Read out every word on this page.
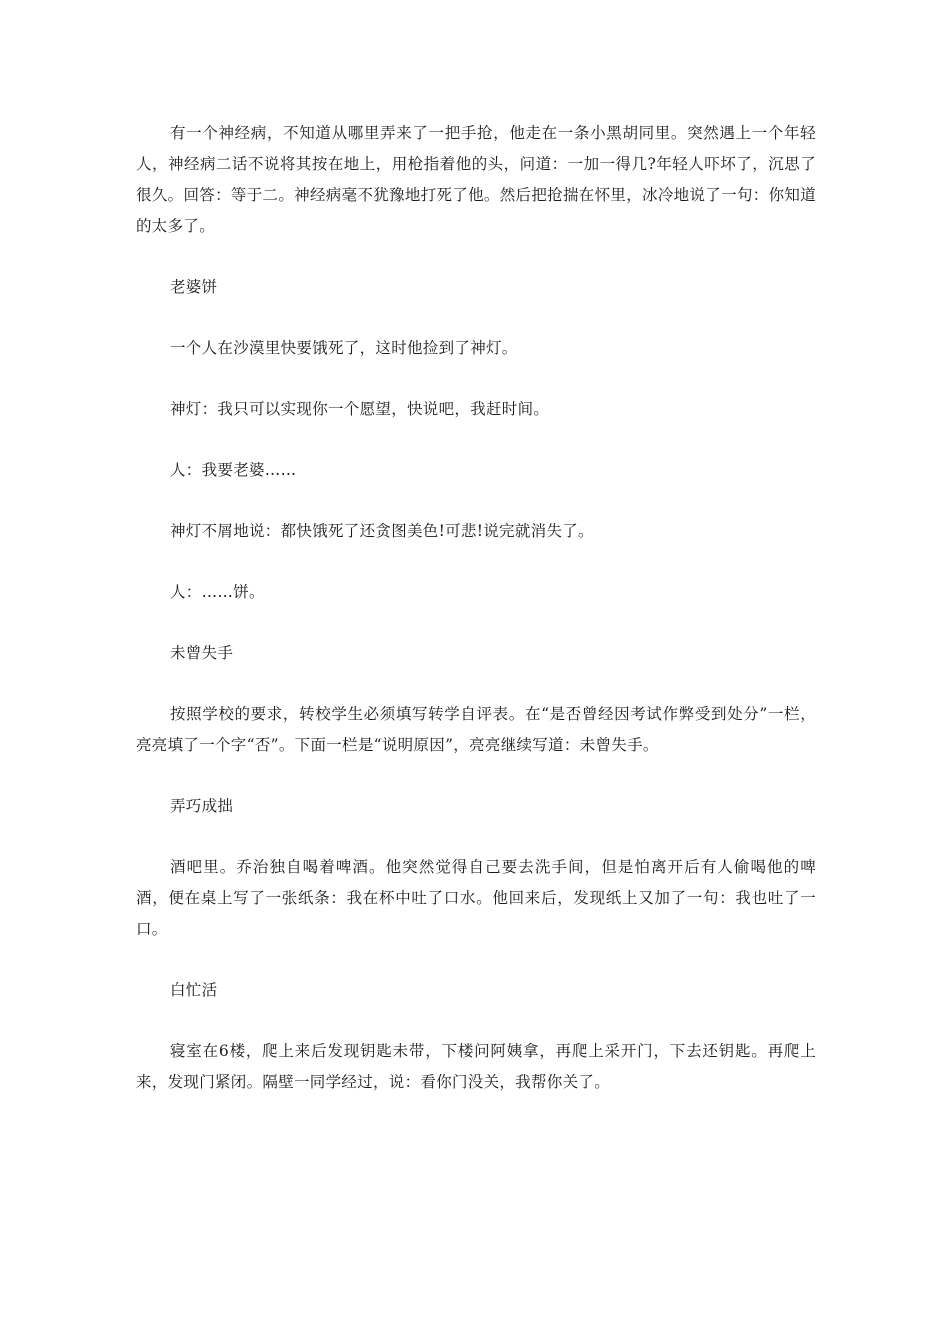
有一个神经病，不知道从哪里弄来了一把手抢，他走在一条小黑胡同里。突然遇上一个年轻人，神经病二话不说将其按在地上，用枪指着他的头，问道：一加一得几?年轻人吓坏了，沉思了很久。回答：等于二。神经病毫不犹豫地打死了他。然后把抢揣在怀里，冰冷地说了一句：你知道的太多了。

老婆饼

一个人在沙漠里快要饿死了，这时他捡到了神灯。

神灯：我只可以实现你一个愿望，快说吧，我赶时间。

人：我要老婆……

神灯不屑地说：都快饿死了还贪图美色!可悲!说完就消失了。

人：……饼。

未曾失手

按照学校的要求，转校学生必须填写转学自评表。在“是否曾经因考试作弊受到处分”一栏，亮亮填了一个字“否”。下面一栏是“说明原因”，亮亮继续写道：未曾失手。

弄巧成拙

酒吧里。乔治独自喝着啤酒。他突然觉得自己要去洗手间，但是怕离开后有人偷喝他的啤酒，便在桌上写了一张纸条：我在杯中吐了口水。他回来后，发现纸上又加了一句：我也吐了一口。

白忙活

寝室在6楼，爬上来后发现钥匙未带，下楼问阿姨拿，再爬上采开门，下去还钥匙。再爬上来，发现门紧闭。隔壁一同学经过，说：看你门没关，我帮你关了。
